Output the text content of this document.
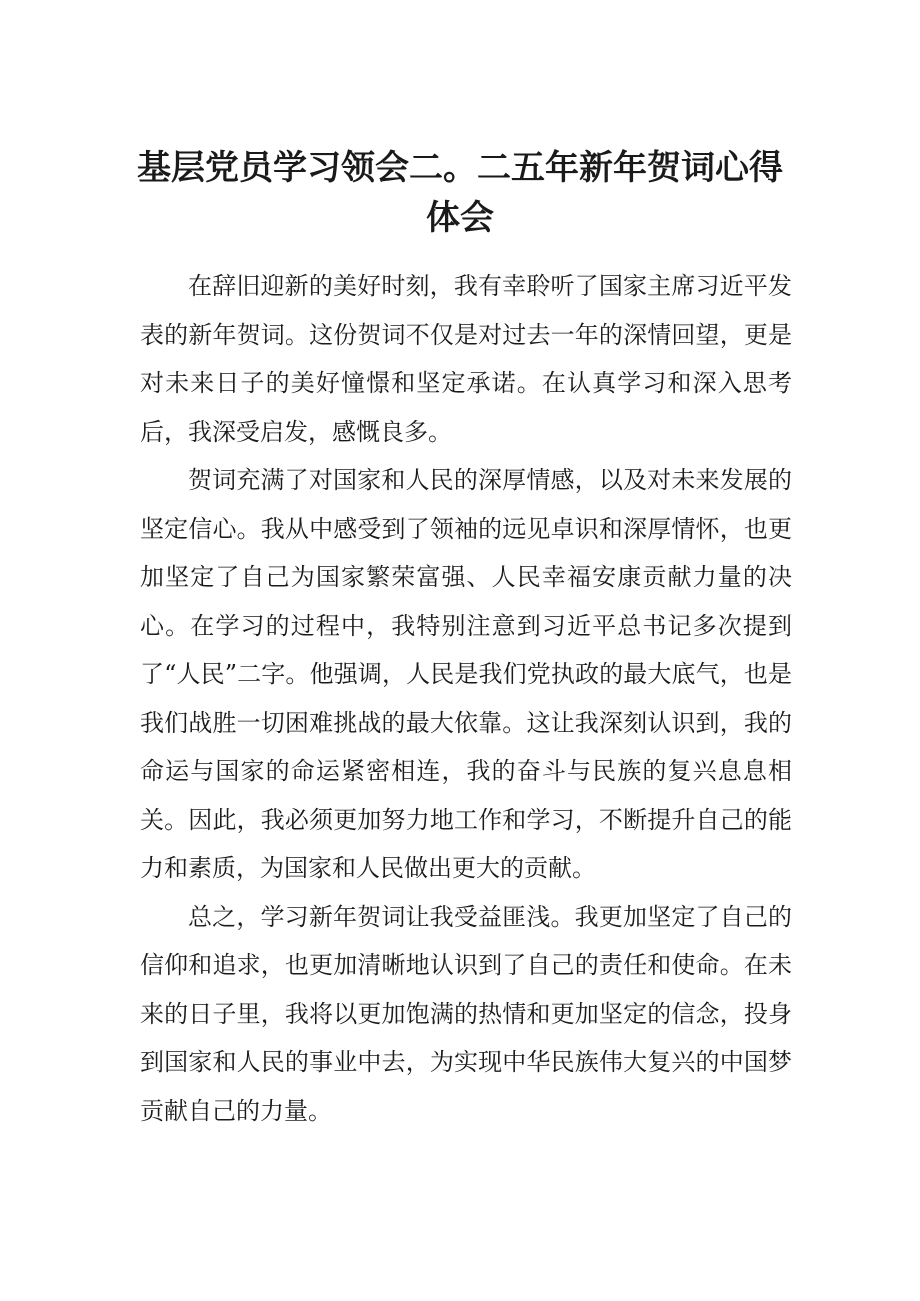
基层党员学习领会二。二五年新年贺词心得体会

在辞旧迎新的美好时刻，我有幸聆听了国家主席习近平发表的新年贺词。这份贺词不仅是对过去一年的深情回望，更是对未来日子的美好憧憬和坚定承诺。在认真学习和深入思考后，我深受启发，感慨良多。

贺词充满了对国家和人民的深厚情感，以及对未来发展的坚定信心。我从中感受到了领袖的远见卓识和深厚情怀，也更加坚定了自己为国家繁荣富强、人民幸福安康贡献力量的决心。在学习的过程中，我特别注意到习近平总书记多次提到了“人民”二字。他强调，人民是我们党执政的最大底气，也是我们战胜一切困难挑战的最大依靠。这让我深刻认识到，我的命运与国家的命运紧密相连，我的奋斗与民族的复兴息息相关。因此，我必须更加努力地工作和学习，不断提升自己的能力和素质，为国家和人民做出更大的贡献。

总之，学习新年贺词让我受益匪浅。我更加坚定了自己的信仰和追求，也更加清晰地认识到了自己的责任和使命。在未来的日子里，我将以更加饱满的热情和更加坚定的信念，投身到国家和人民的事业中去，为实现中华民族伟大复兴的中国梦贡献自己的力量。
